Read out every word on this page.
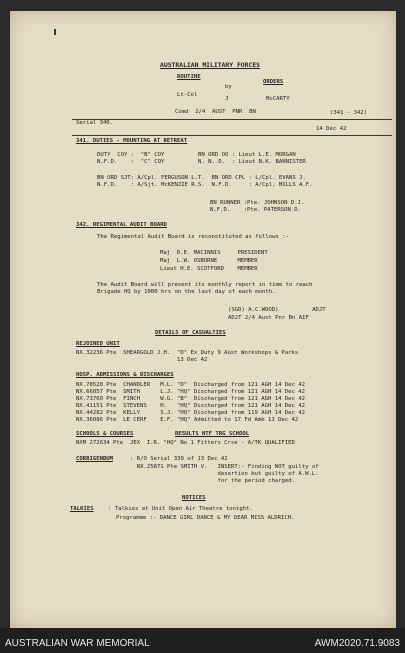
AUSTRALIAN MILITARY FORCES
ROUTINE
ORDERS
by
Lt-Col
J	McCARTY
Comd  2/4  AUST  PNR  BN	(341 - 342)
Serial 340.
14 Dec 42
341. DUTIES - MOUNTING AT RETREAT
DUTY  COY :  "B" COY          BN ORD OO : Lieut L.E. MORGAN
N.F.D.    :  "C" COY          N. N. D.  : Lieut N.K. BANNISTER
BN ORD SJT: A/Cpl. FERGUSON L.T.  BN ORD CPL : L/Cpl. EVANS J.
N.F.D.    : A/Sjt. McKENZIE R.S.  N.F.D.     : A/Cpl. MILLS A.F.
BN RUNNER :Pte. JOHNSON D.J.
N.F.D.    :Pte. PATERSON D.
342. REGIMENTAL AUDIT BOARD
The Regimental Audit Board is reconstituted as follows :-
Maj  D.E. MACINNIS     PRESIDENT
Maj  L.W. OSBORNE      MEMBER
Lieut H.E. SCOTFORD    MEMBER
The Audit Board will present its monthly report in time to reach
Brigade HQ by 1000 hrs on the last day of each month.
(SGD) A.C.WOOD)          ADJT
ADJT 2/4 Aust Pnr Bn AIF
DETAILS OF CASUALTIES
REJOINED UNIT
NX.32236 Pte  SHEARGOLD J.H.  "D" Ex Duty 9 Aust Workshops & Parks
13 Dec 42
HOSP. ADMISSIONS & DISCHARGES
NX.78528 Pte  CHANDLER   M.L. "D"  Discharged from 121 AGH 14 Dec 42
NX.66057 Pte  SMITH      L.J. "HQ" Discharged from 121 AGH 14 Dec 42
NX.73760 Pte  FINCH      W.G. "B"  Discharged from 121 AGH 14 Dec 42
NX.41151 Pte  STEVENS    H.   "HQ" Discharged from 121 AGH 14 Dec 42
NX.44282 Pte  KELLY      S.J. "HQ" Discharged from 119 AGH 14 Dec 42
NX.36086 Pte  LE CERF    E.F. "HQ" Admitted to 17 Fd Amb 13 Dec 42
SCHOOLS & COURSES	RESULTS NTF TRG SCHOOL
NXM 272634 Pte  JEX  I.R. "HQ" No 1 Fitters Crse - A/TK QUALIFIED
CORRIGENDUM	: R/O Serial 339 of 13 Dec 42
NX.25871 Pte SMITH V.   INSERT:- Finding NOT guilty of
desertion but guilty of A.W.L.
for the period charged.
NOTICES
TALKIES	: Talkies at Unit Open Air Theatre tonight.
Programme :- DANCE GIRL DANCE & MY DEAR MISS ALDRICH.
AUSTRALIAN WAR MEMORIAL	AWM2020.71.9083
